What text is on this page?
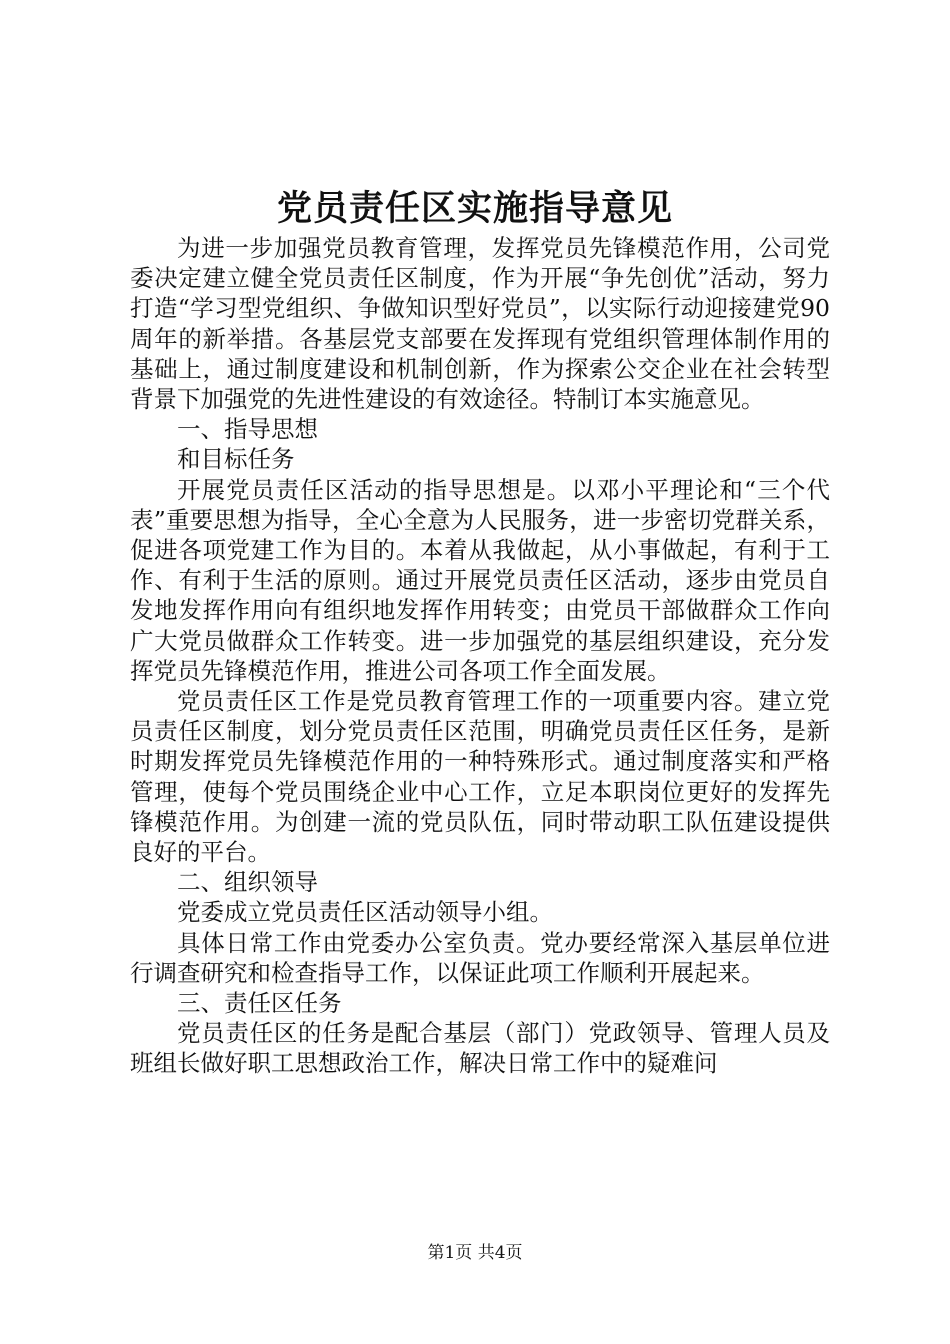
党员责任区实施指导意见

为进一步加强党员教育管理，发挥党员先锋模范作用，公司党委决定建立健全党员责任区制度，作为开展“争先创优”活动，努力打造“学习型党组织、争做知识型好党员”，以实际行动迎接建党90周年的新举措。各基层党支部要在发挥现有党组织管理体制作用的基础上，通过制度建设和机制创新，作为探索公交企业在社会转型背景下加强党的先进性建设的有效途径。特制订本实施意见。

一、指导思想

和目标任务

开展党员责任区活动的指导思想是。以邓小平理论和“三个代表”重要思想为指导，全心全意为人民服务，进一步密切党群关系，促进各项党建工作为目的。本着从我做起，从小事做起，有利于工作、有利于生活的原则。通过开展党员责任区活动，逐步由党员自发地发挥作用向有组织地发挥作用转变；由党员干部做群众工作向广大党员做群众工作转变。进一步加强党的基层组织建设，充分发挥党员先锋模范作用，推进公司各项工作全面发展。

党员责任区工作是党员教育管理工作的一项重要内容。建立党员责任区制度，划分党员责任区范围，明确党员责任区任务，是新时期发挥党员先锋模范作用的一种特殊形式。通过制度落实和严格管理，使每个党员围绕企业中心工作，立足本职岗位更好的发挥先锋模范作用。为创建一流的党员队伍，同时带动职工队伍建设提供良好的平台。

二、组织领导

党委成立党员责任区活动领导小组。

具体日常工作由党委办公室负责。党办要经常深入基层单位进行调查研究和检查指导工作，以保证此项工作顺利开展起来。

三、责任区任务

党员责任区的任务是配合基层（部门）党政领导、管理人员及班组长做好职工思想政治工作，解决日常工作中的疑难问

第1页 共4页
